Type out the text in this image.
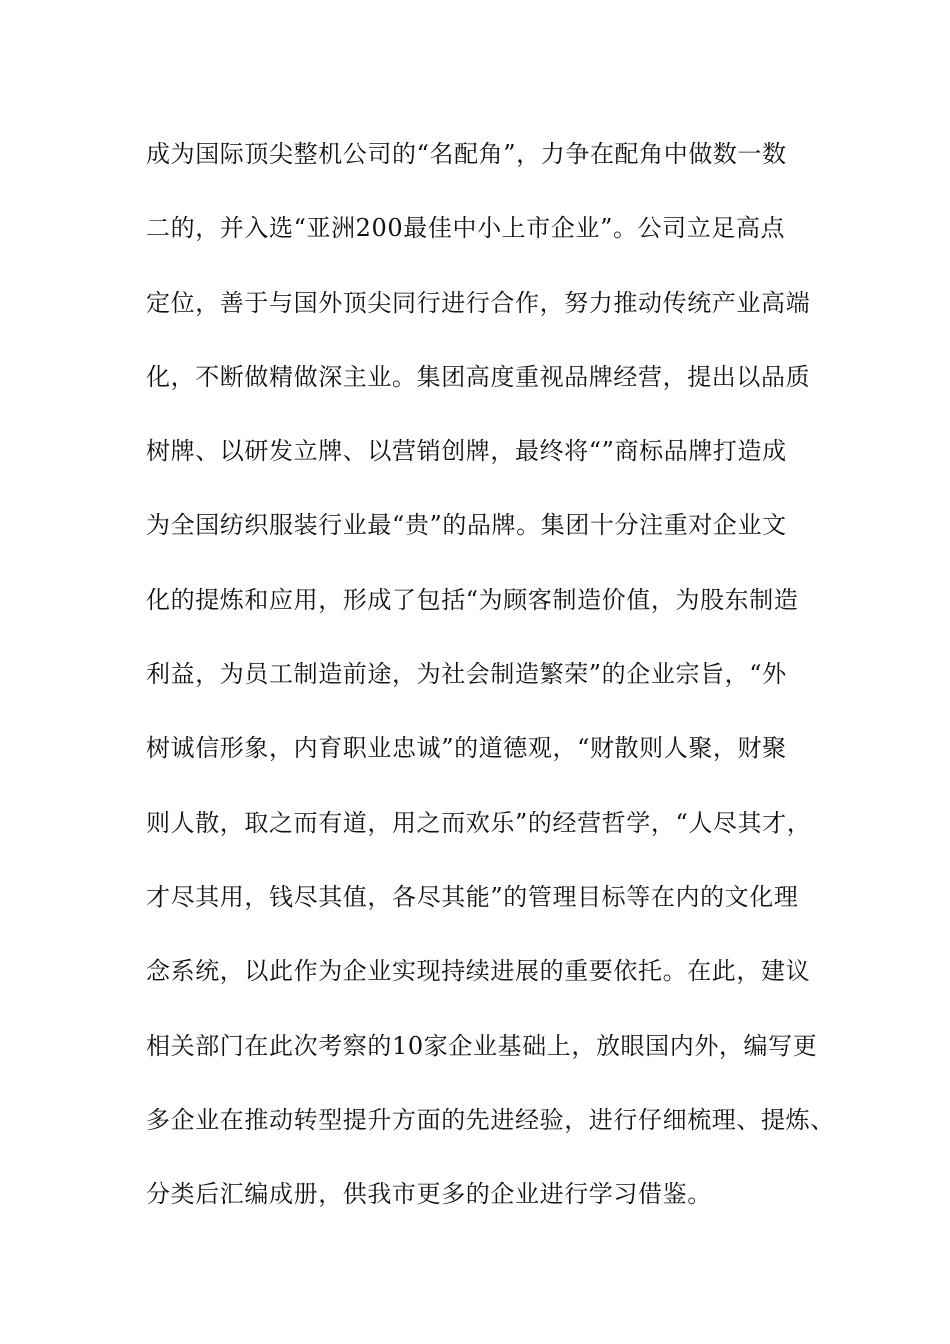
成为国际顶尖整机公司的“名配角”，力争在配角中做数一数
二的，并入选“亚洲200最佳中小上市企业”。公司立足高点
定位，善于与国外顶尖同行进行合作，努力推动传统产业高端
化，不断做精做深主业。集团高度重视品牌经营，提出以品质
树牌、以研发立牌、以营销创牌，最终将“”商标品牌打造成
为全国纺织服装行业最“贵”的品牌。集团十分注重对企业文
化的提炼和应用，形成了包括“为顾客制造价值，为股东制造
利益，为员工制造前途，为社会制造繁荣”的企业宗旨，“外
树诚信形象，内育职业忠诚”的道德观，“财散则人聚，财聚
则人散，取之而有道，用之而欢乐”的经营哲学，“人尽其才，
才尽其用，钱尽其值，各尽其能”的管理目标等在内的文化理
念系统，以此作为企业实现持续进展的重要依托。在此，建议
相关部门在此次考察的10家企业基础上，放眼国内外，编写更
多企业在推动转型提升方面的先进经验，进行仔细梳理、提炼、
分类后汇编成册，供我市更多的企业进行学习借鉴。
